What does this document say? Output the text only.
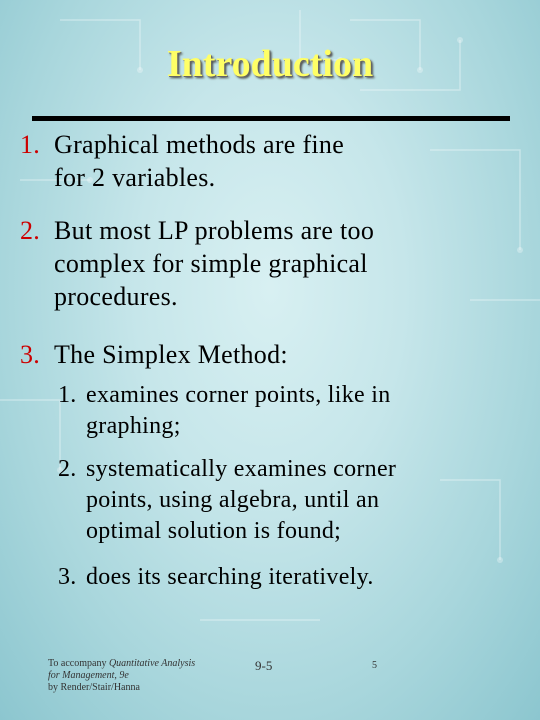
Introduction
1. Graphical methods are fine
for 2 variables.
2. But most LP problems are too
complex for simple graphical
procedures.
3. The Simplex Method:
1. examines corner points, like in
graphing;
2. systematically examines corner
points, using algebra, until an
optimal solution is found;
3. does its searching iteratively.
To accompany Quantitative Analysis
for Management, 9e
by Render/Stair/Hanna
9-5	5
